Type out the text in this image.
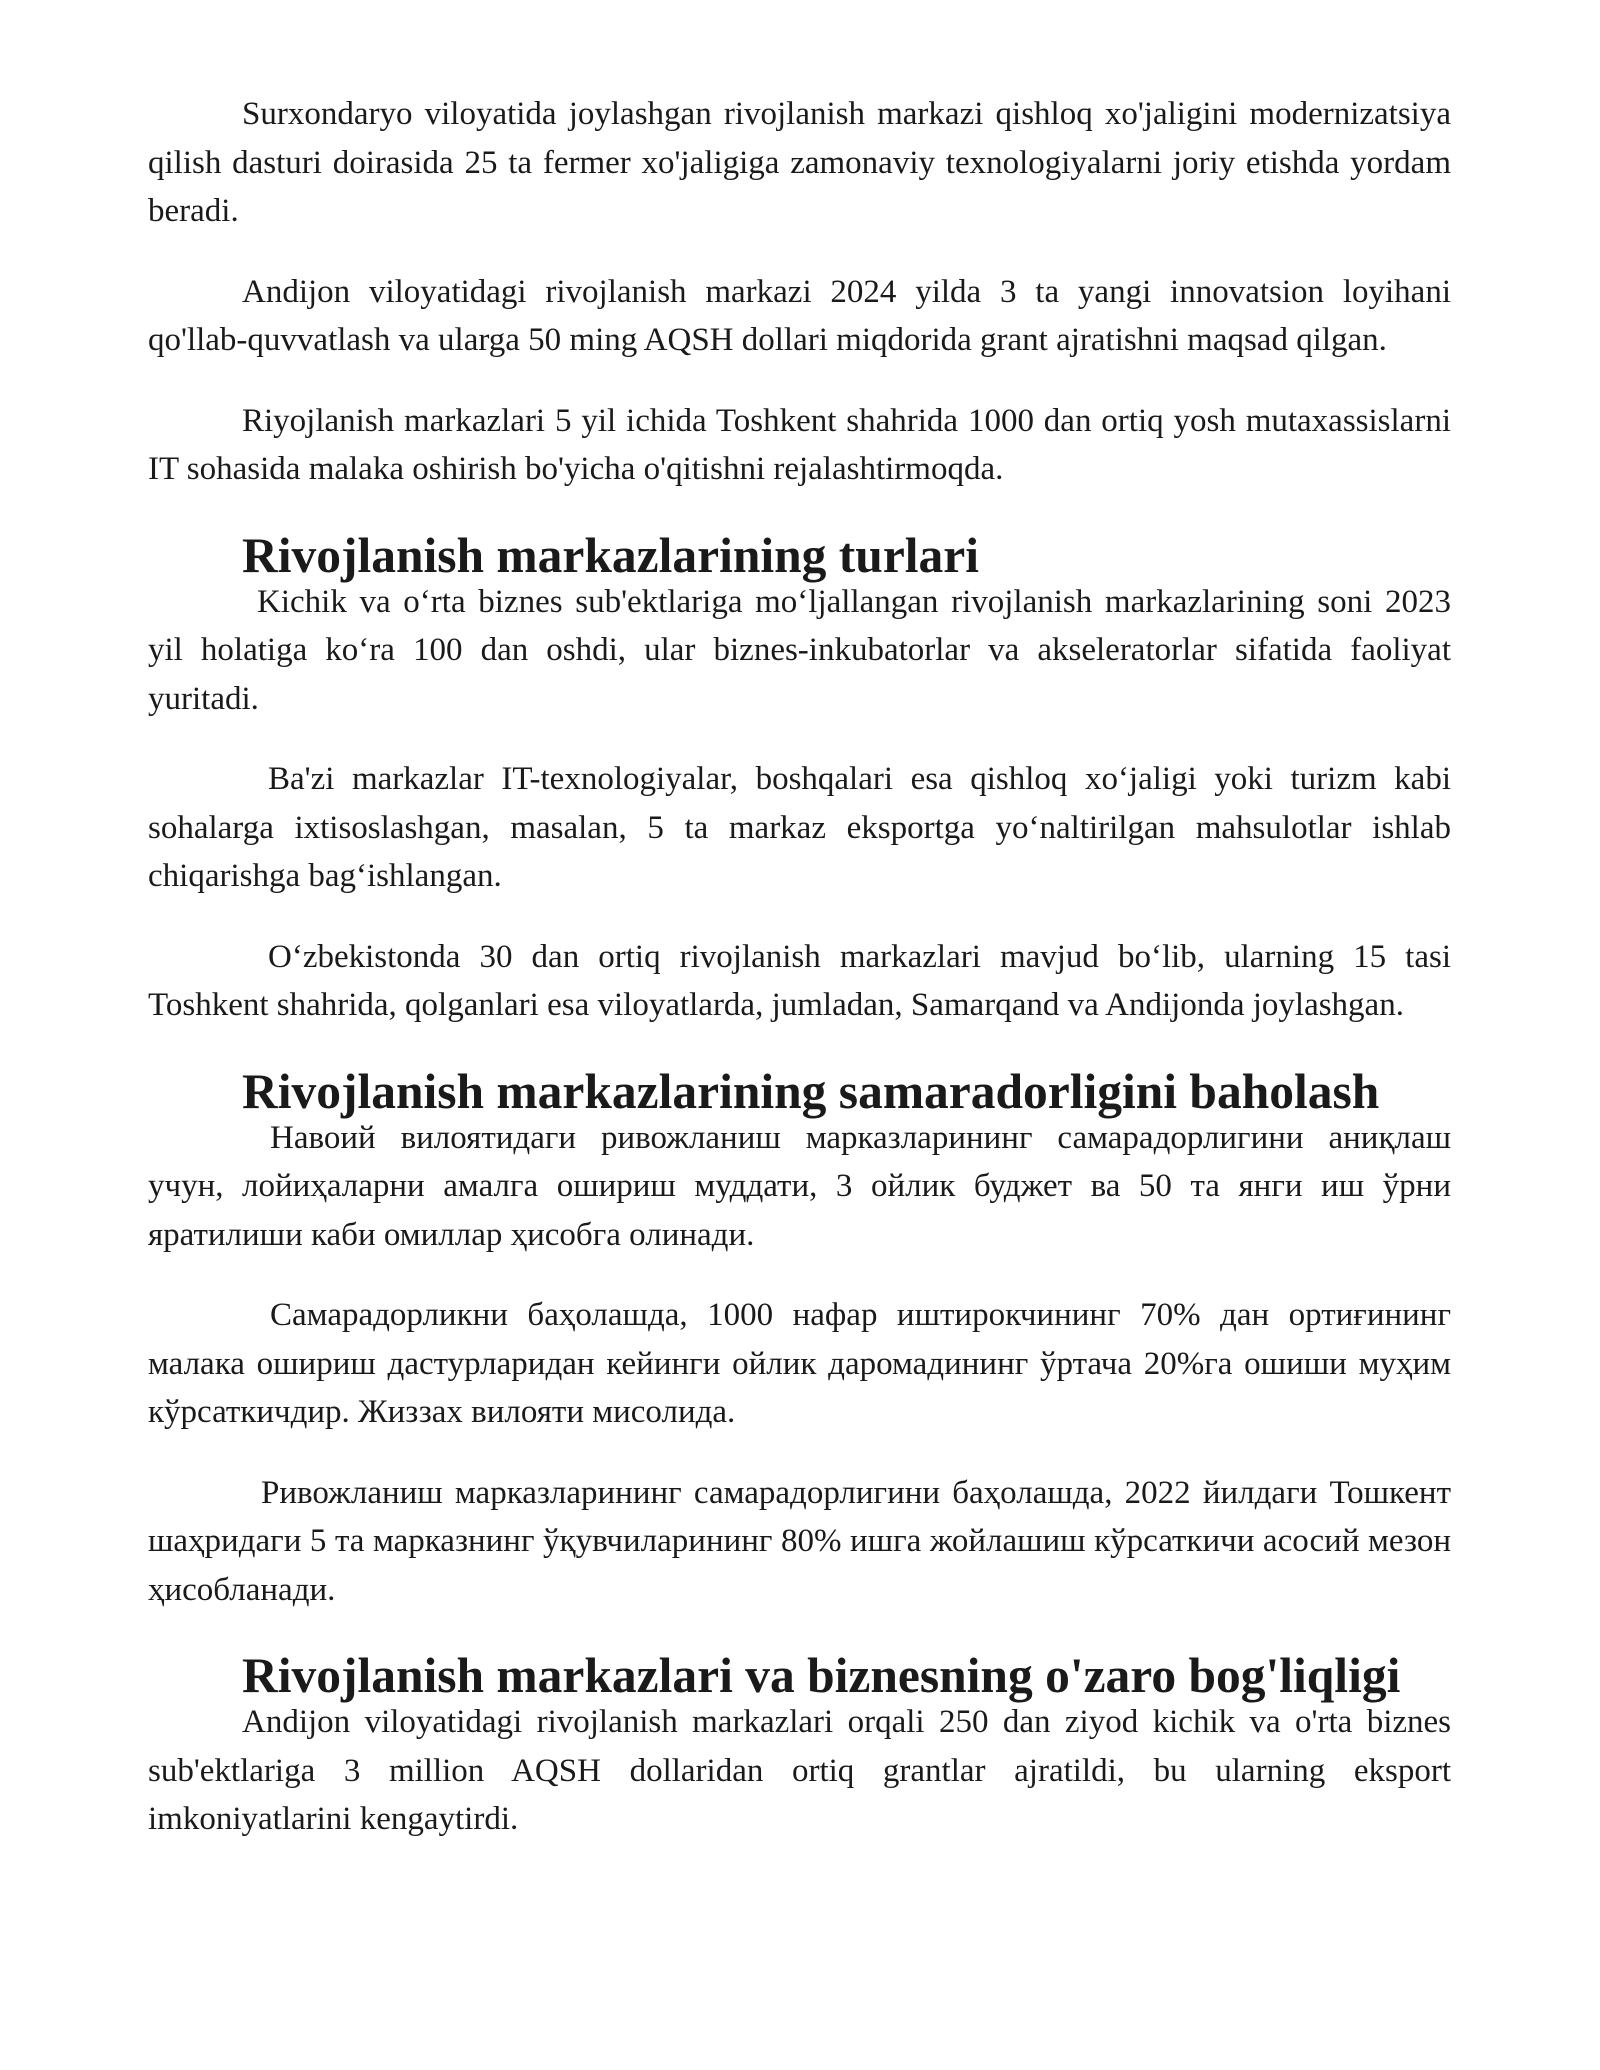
Surxondaryo viloyatida joylashgan rivojlanish markazi qishloq xo'jaligini modernizatsiya qilish dasturi doirasida 25 ta fermer xo'jaligiga zamonaviy texnologiyalarni joriy etishda yordam beradi.

Andijon viloyatidagi rivojlanish markazi 2024 yilda 3 ta yangi innovatsion loyihani qo'llab-quvvatlash va ularga 50 ming AQSH dollari miqdorida grant ajratishni maqsad qilgan.

Riyojlanish markazlari 5 yil ichida Toshkent shahrida 1000 dan ortiq yosh mutaxassislarni IT sohasida malaka oshirish bo'yicha o'qitishni rejalashtirmoqda.

Rivojlanish markazlarining turlari

Kichik va o‘rta biznes sub'ektlariga mo‘ljallangan rivojlanish markazlarining soni 2023 yil holatiga ko‘ra 100 dan oshdi, ular biznes-inkubatorlar va akseleratorlar sifatida faoliyat yuritadi.

Ba'zi markazlar IT-texnologiyalar, boshqalari esa qishloq xo‘jaligi yoki turizm kabi sohalarga ixtisoslashgan, masalan, 5 ta markaz eksportga yo‘naltirilgan mahsulotlar ishlab chiqarishga bag‘ishlangan.

O‘zbekistonda 30 dan ortiq rivojlanish markazlari mavjud bo‘lib, ularning 15 tasi Toshkent shahrida, qolganlari esa viloyatlarda, jumladan, Samarqand va Andijonda joylashgan.

Rivojlanish markazlarining samaradorligini baholash

Навоий вилоятидаги ривожланиш марказларининг самарадорлигини аниқлаш учун, лойиҳаларни амалга ошириш муддати, 3 ойлик буджет ва 50 та янги иш ўрни яратилиши каби омиллар ҳисобга олинади.

Самарадорликни баҳолашда, 1000 нафар иштирокчининг 70% дан ортиғининг малака ошириш дастурларидан кейинги ойлик даромадининг ўртача 20%га ошиши муҳим кўрсаткичдир. Жиззах вилояти мисолида.

Ривожланиш марказларининг самарадорлигини баҳолашда, 2022 йилдаги Тошкент шаҳридаги 5 та марказнинг ўқувчиларининг 80% ишга жойлашиш кўрсаткичи асосий мезон ҳисобланади.

Rivojlanish markazlari va biznesning o'zaro bog'liqligi

Andijon viloyatidagi rivojlanish markazlari orqali 250 dan ziyod kichik va o'rta biznes sub'ektlariga 3 million AQSH dollaridan ortiq grantlar ajratildi, bu ularning eksport imkoniyatlarini kengaytirdi.
